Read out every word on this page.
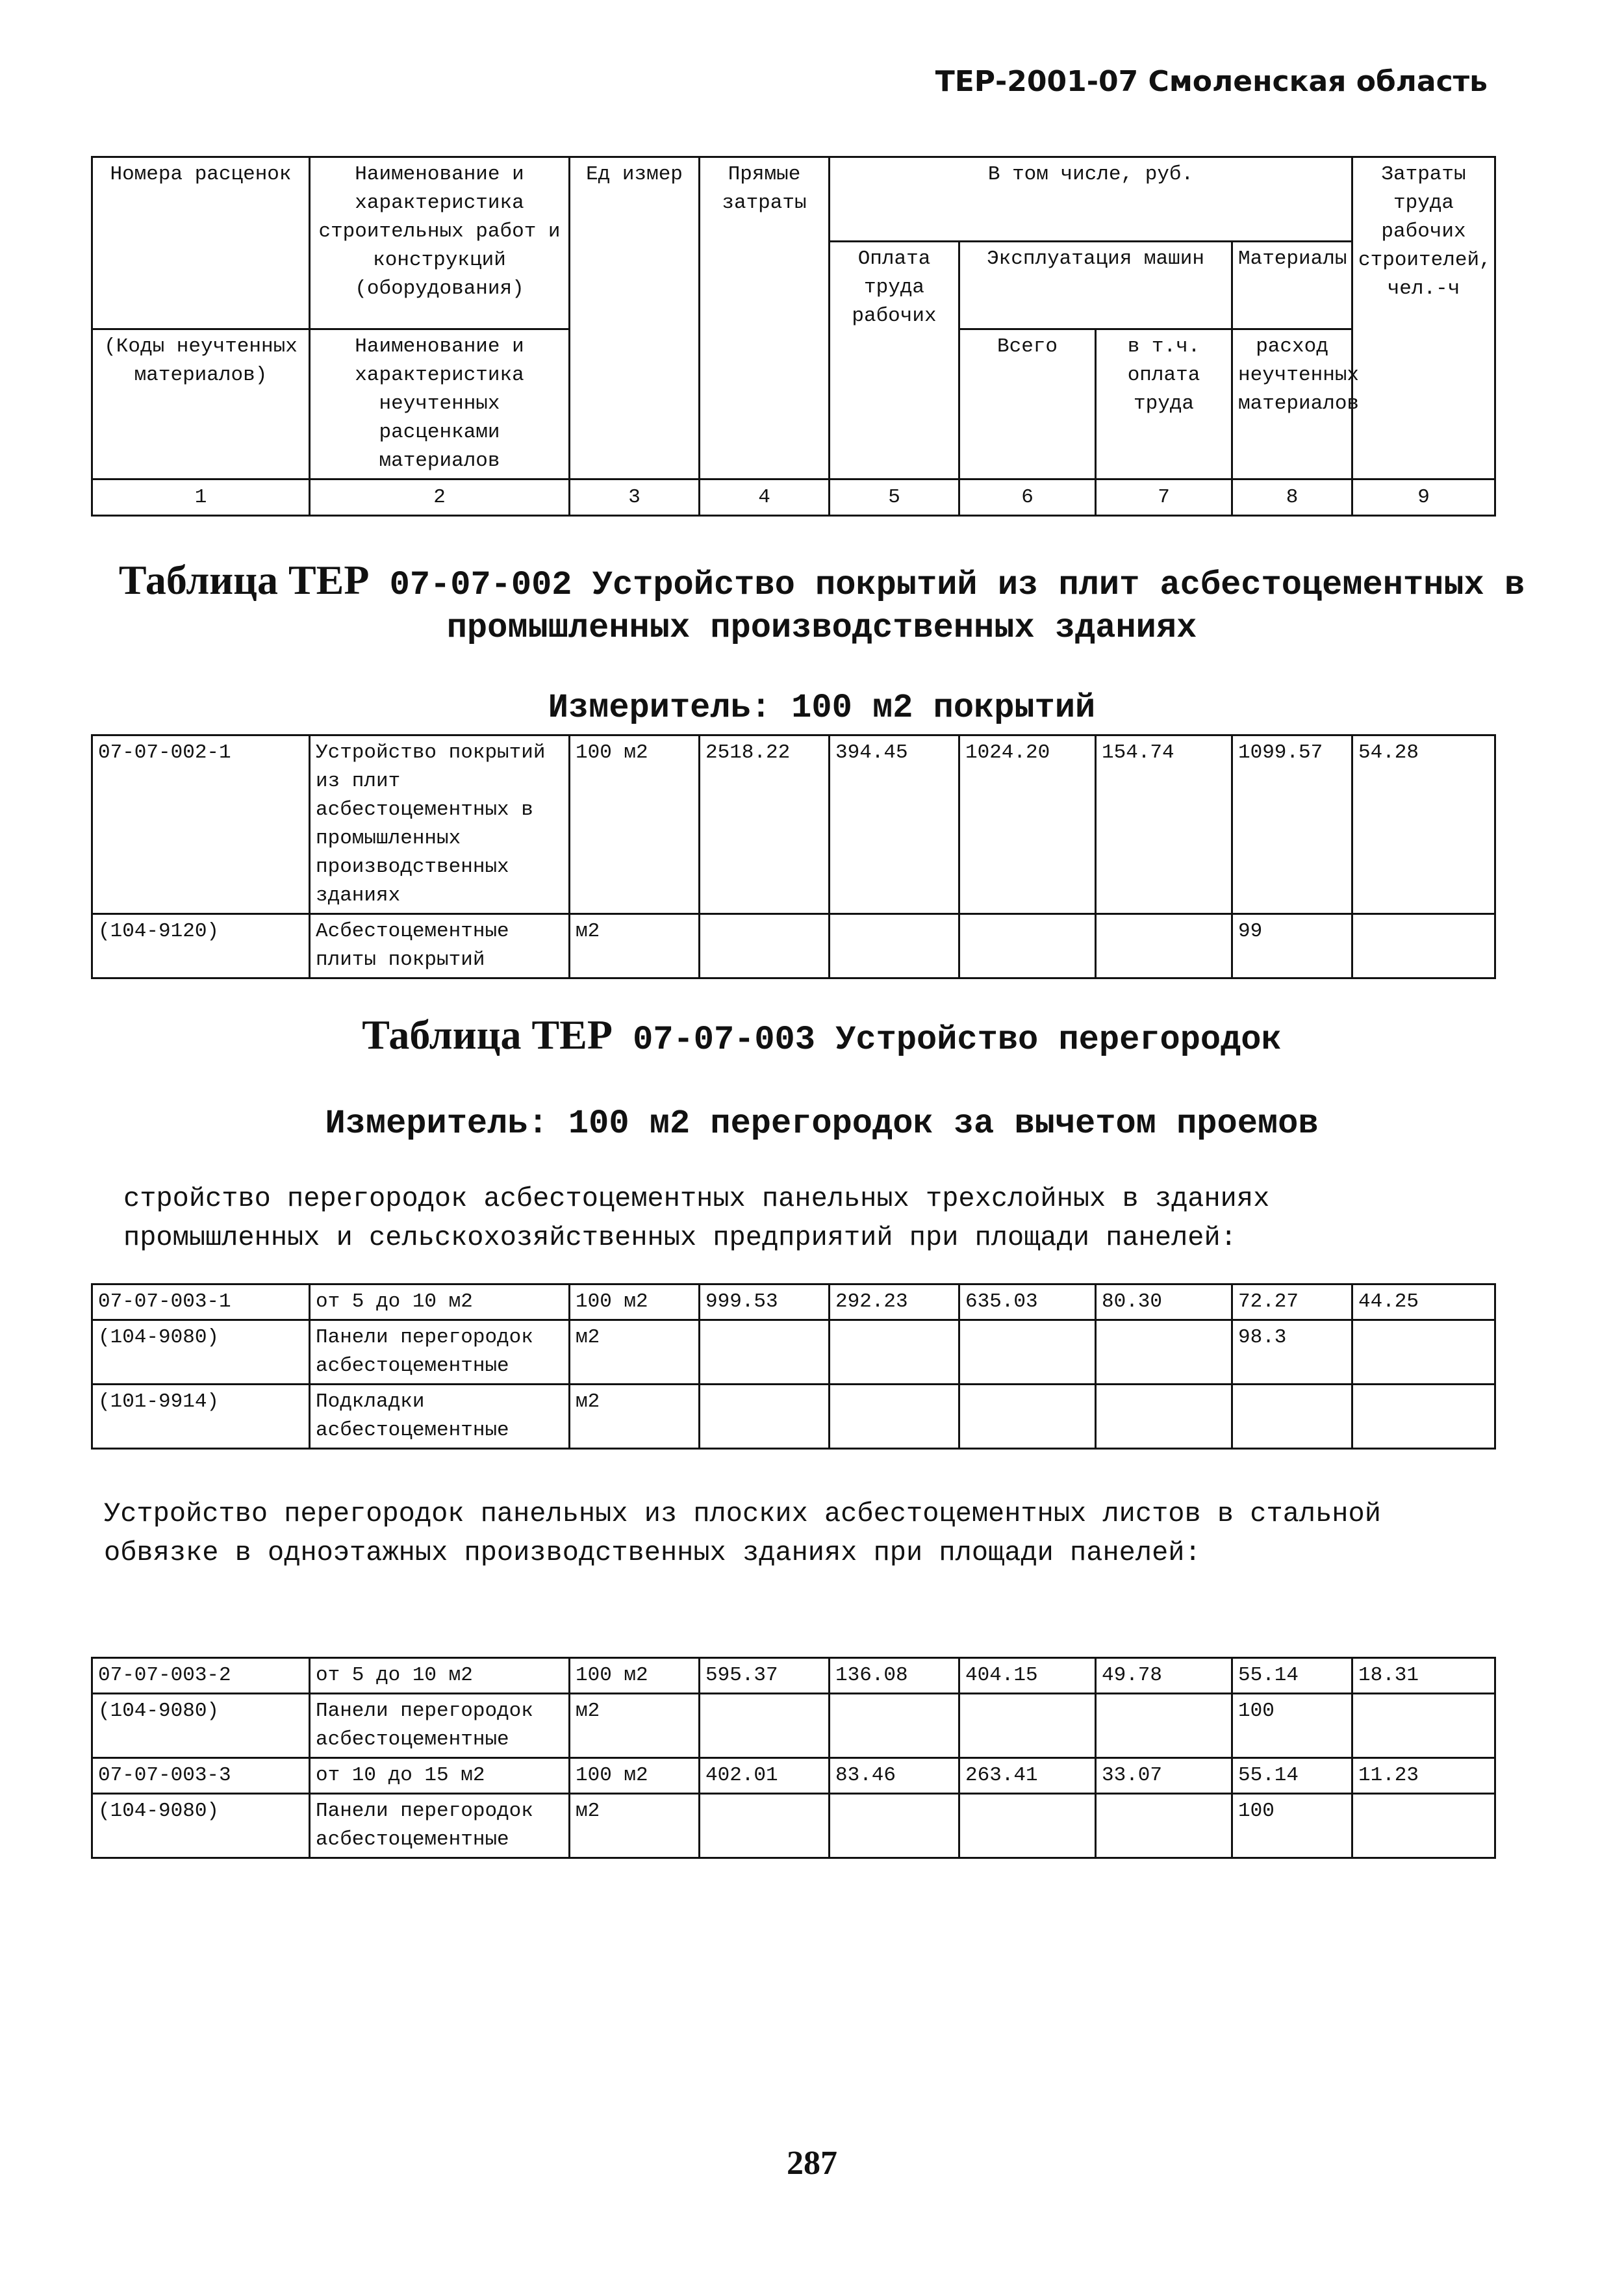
ТЕР-2001-07 Смоленская область
Номера расценок	Наименование и характеристика строительных работ и конструкций (оборудования)	Ед измер	Прямые затраты	В том числе, руб.				Затраты труда рабочих строителей, чел.-ч
				Оплата труда рабочих	Эксплуатация машин		Материалы	
(Коды неучтенных материалов)	Наименование и характеристика неучтенных расценками материалов				Всего	в т.ч. оплата труда	расход неучтенных материалов	
1	2	3	4	5	6	7	8	9
Таблица ТЕР 07-07-002 Устройство покрытий из плит асбестоцементных в промышленных производственных зданиях
Измеритель: 100 м2 покрытий
07-07-002-1	Устройство покрытий из плит асбестоцементных в промышленных производственных зданиях	100 м2	2518.22	394.45	1024.20	154.74	1099.57	54.28
(104-9120)	Асбестоцементные плиты покрытий	м2					99	
Таблица ТЕР 07-07-003 Устройство перегородок
Измеритель: 100 м2 перегородок за вычетом проемов
стройство перегородок асбестоцементных панельных трехслойных в зданиях промышленных и сельскохозяйственных предприятий при площади панелей:
07-07-003-1	от 5 до 10 м2	100 м2	999.53	292.23	635.03	80.30	72.27	44.25
(104-9080)	Панели перегородок асбестоцементные	м2					98.3	
(101-9914)	Подкладки асбестоцементные	м2						
Устройство перегородок панельных из плоских асбестоцементных листов в стальной обвязке в одноэтажных производственных зданиях при площади панелей:
07-07-003-2	от 5 до 10 м2	100 м2	595.37	136.08	404.15	49.78	55.14	18.31
(104-9080)	Панели перегородок асбестоцементные	м2					100	
07-07-003-3	от 10 до 15 м2	100 м2	402.01	83.46	263.41	33.07	55.14	11.23
(104-9080)	Панели перегородок асбестоцементные	м2					100	
287
